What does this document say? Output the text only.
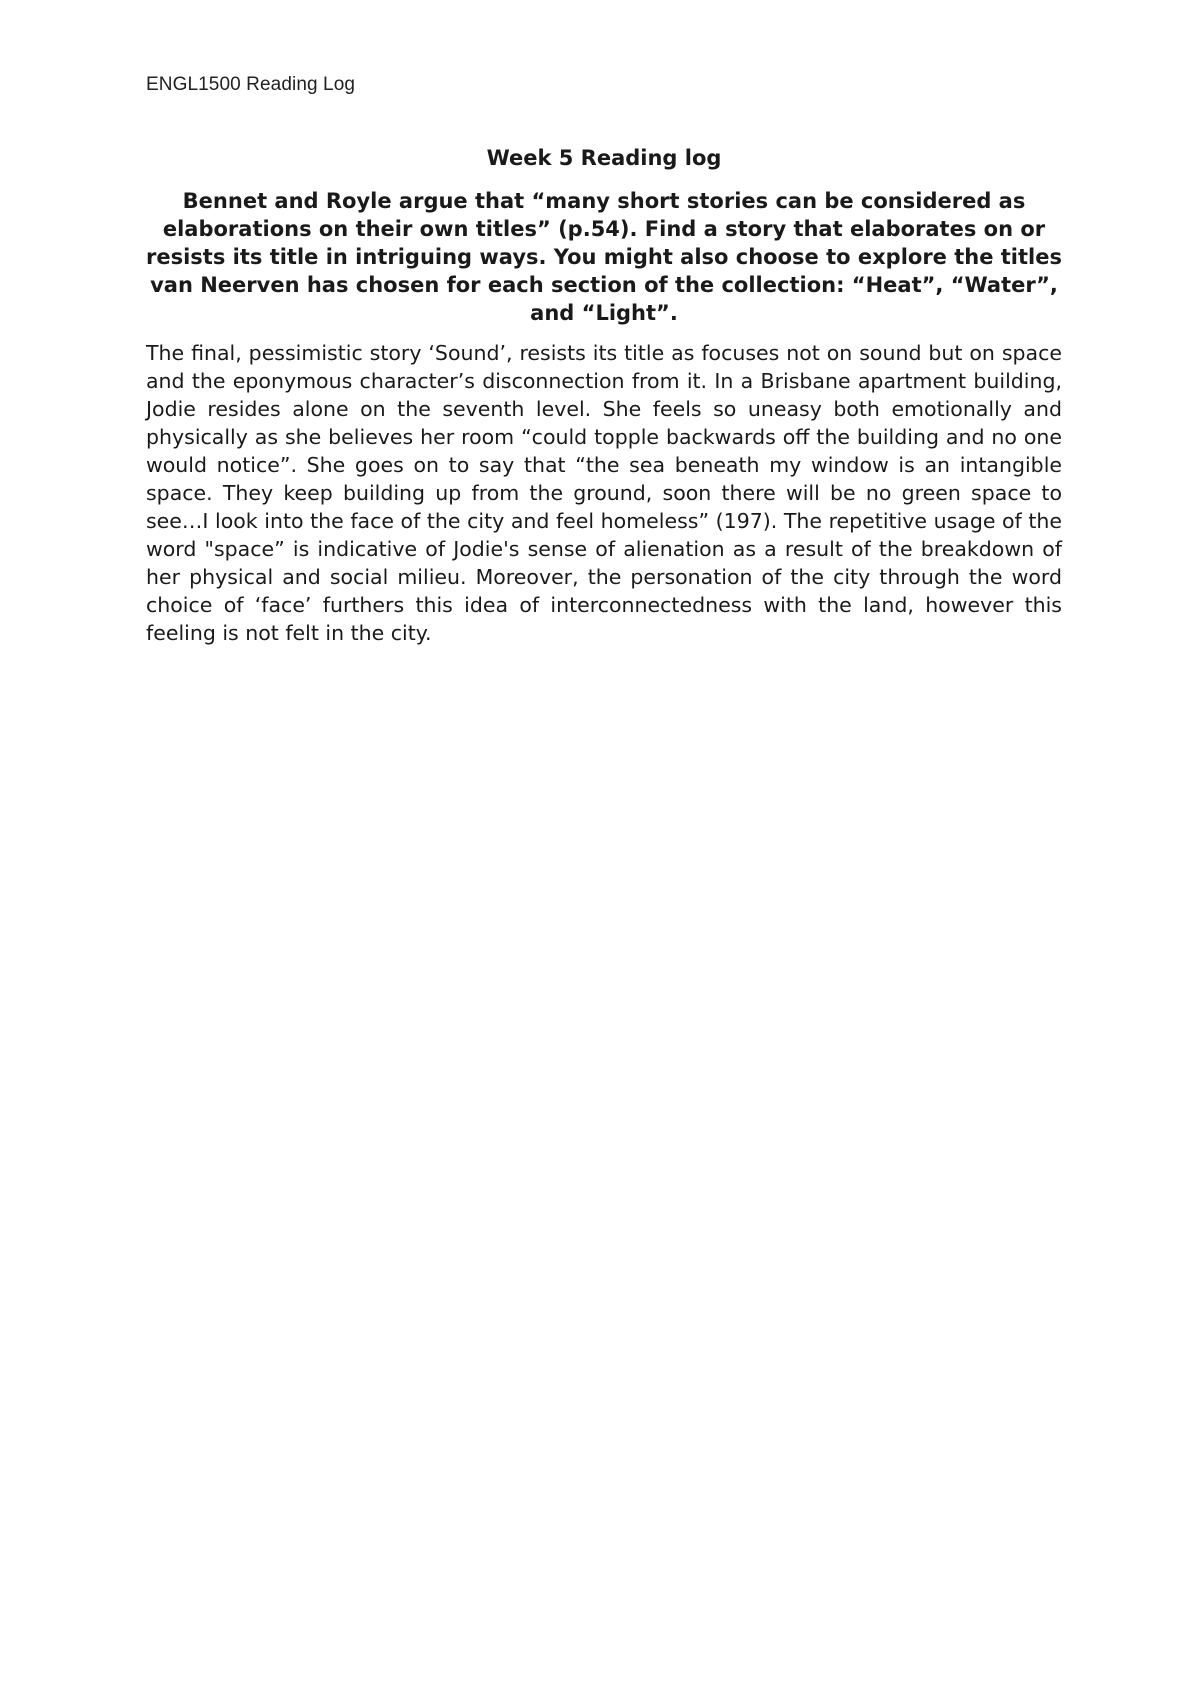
ENGL1500 Reading Log
Week 5 Reading log

Bennet and Royle argue that “many short stories can be considered as elaborations on their own titles” (p.54). Find a story that elaborates on or resists its title in intriguing ways. You might also choose to explore the titles van Neerven has chosen for each section of the collection: “Heat”, “Water”, and “Light”.

The final, pessimistic story ‘Sound’, resists its title as focuses not on sound but on space and the eponymous character’s disconnection from it. In a Brisbane apartment building, Jodie resides alone on the seventh level. She feels so uneasy both emotionally and physically as she believes her room “could topple backwards off the building and no one would notice”. She goes on to say that “the sea beneath my window is an intangible space. They keep building up from the ground, soon there will be no green space to see…I look into the face of the city and feel homeless” (197). The repetitive usage of the word "space” is indicative of Jodie's sense of alienation as a result of the breakdown of her physical and social milieu. Moreover, the personation of the city through the word choice of ‘face’ furthers this idea of interconnectedness with the land, however this feeling is not felt in the city.
